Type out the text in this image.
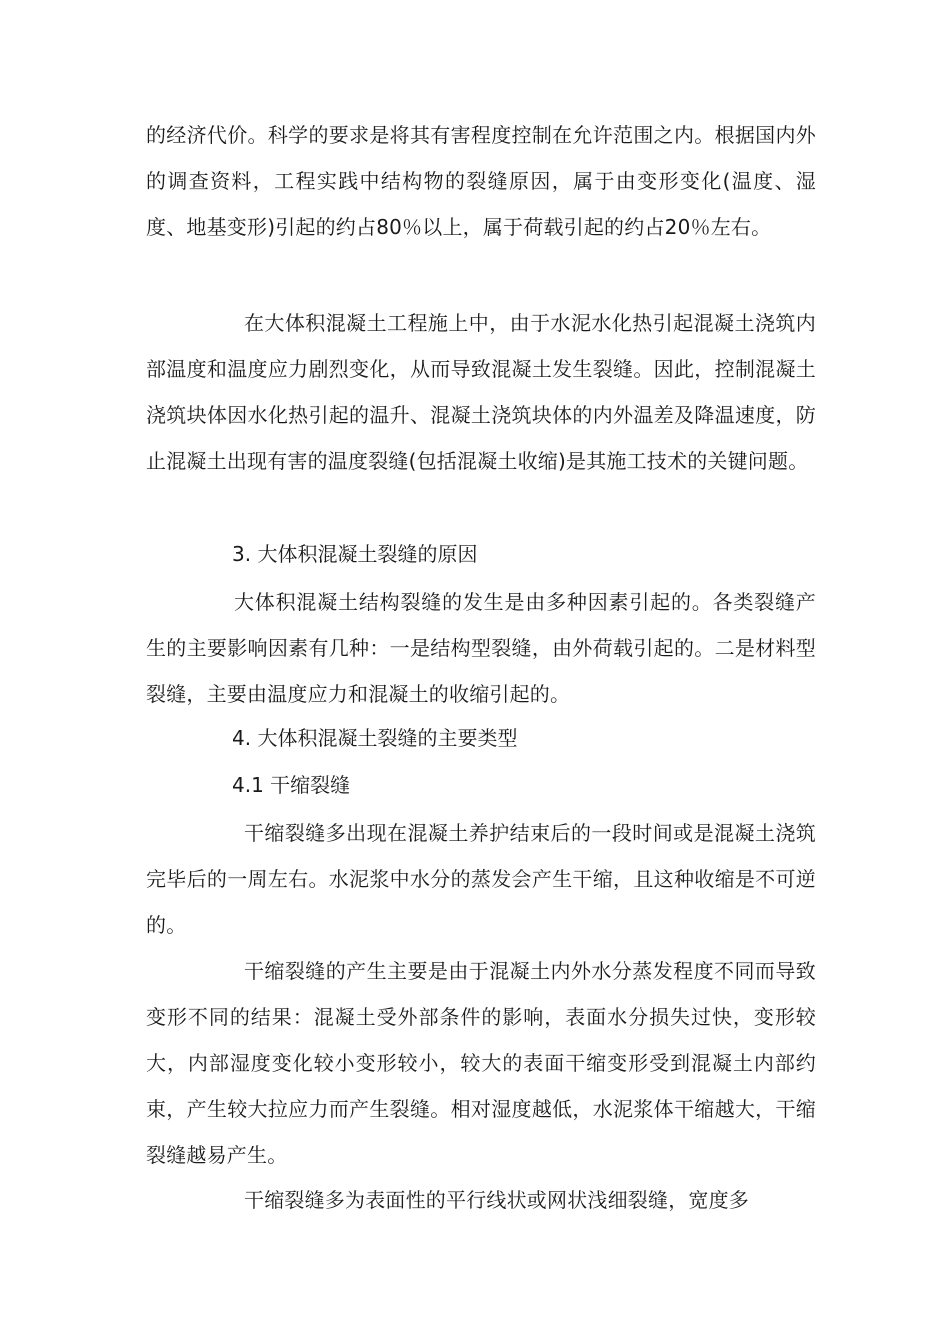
的经济代价。科学的要求是将其有害程度控制在允许范围之内。根据国内外的调查资料，工程实践中结构物的裂缝原因，属于由变形变化(温度、湿度、地基变形)引起的约占80％以上，属于荷载引起的约占20％左右。

在大体积混凝土工程施上中，由于水泥水化热引起混凝土浇筑内部温度和温度应力剧烈变化，从而导致混凝土发生裂缝。因此，控制混凝土浇筑块体因水化热引起的温升、混凝土浇筑块体的内外温差及降温速度，防止混凝土出现有害的温度裂缝(包括混凝土收缩)是其施工技术的关键问题。

3. 大体积混凝土裂缝的原因

大体积混凝土结构裂缝的发生是由多种因素引起的。各类裂缝产生的主要影响因素有几种：一是结构型裂缝，由外荷载引起的。二是材料型裂缝，主要由温度应力和混凝土的收缩引起的。

4. 大体积混凝土裂缝的主要类型

4.1 干缩裂缝

干缩裂缝多出现在混凝土养护结束后的一段时间或是混凝土浇筑完毕后的一周左右。水泥浆中水分的蒸发会产生干缩，且这种收缩是不可逆的。

干缩裂缝的产生主要是由于混凝土内外水分蒸发程度不同而导致变形不同的结果：混凝土受外部条件的影响，表面水分损失过快，变形较大，内部湿度变化较小变形较小，较大的表面干缩变形受到混凝土内部约束，产生较大拉应力而产生裂缝。相对湿度越低，水泥浆体干缩越大，干缩裂缝越易产生。

干缩裂缝多为表面性的平行线状或网状浅细裂缝，宽度多
